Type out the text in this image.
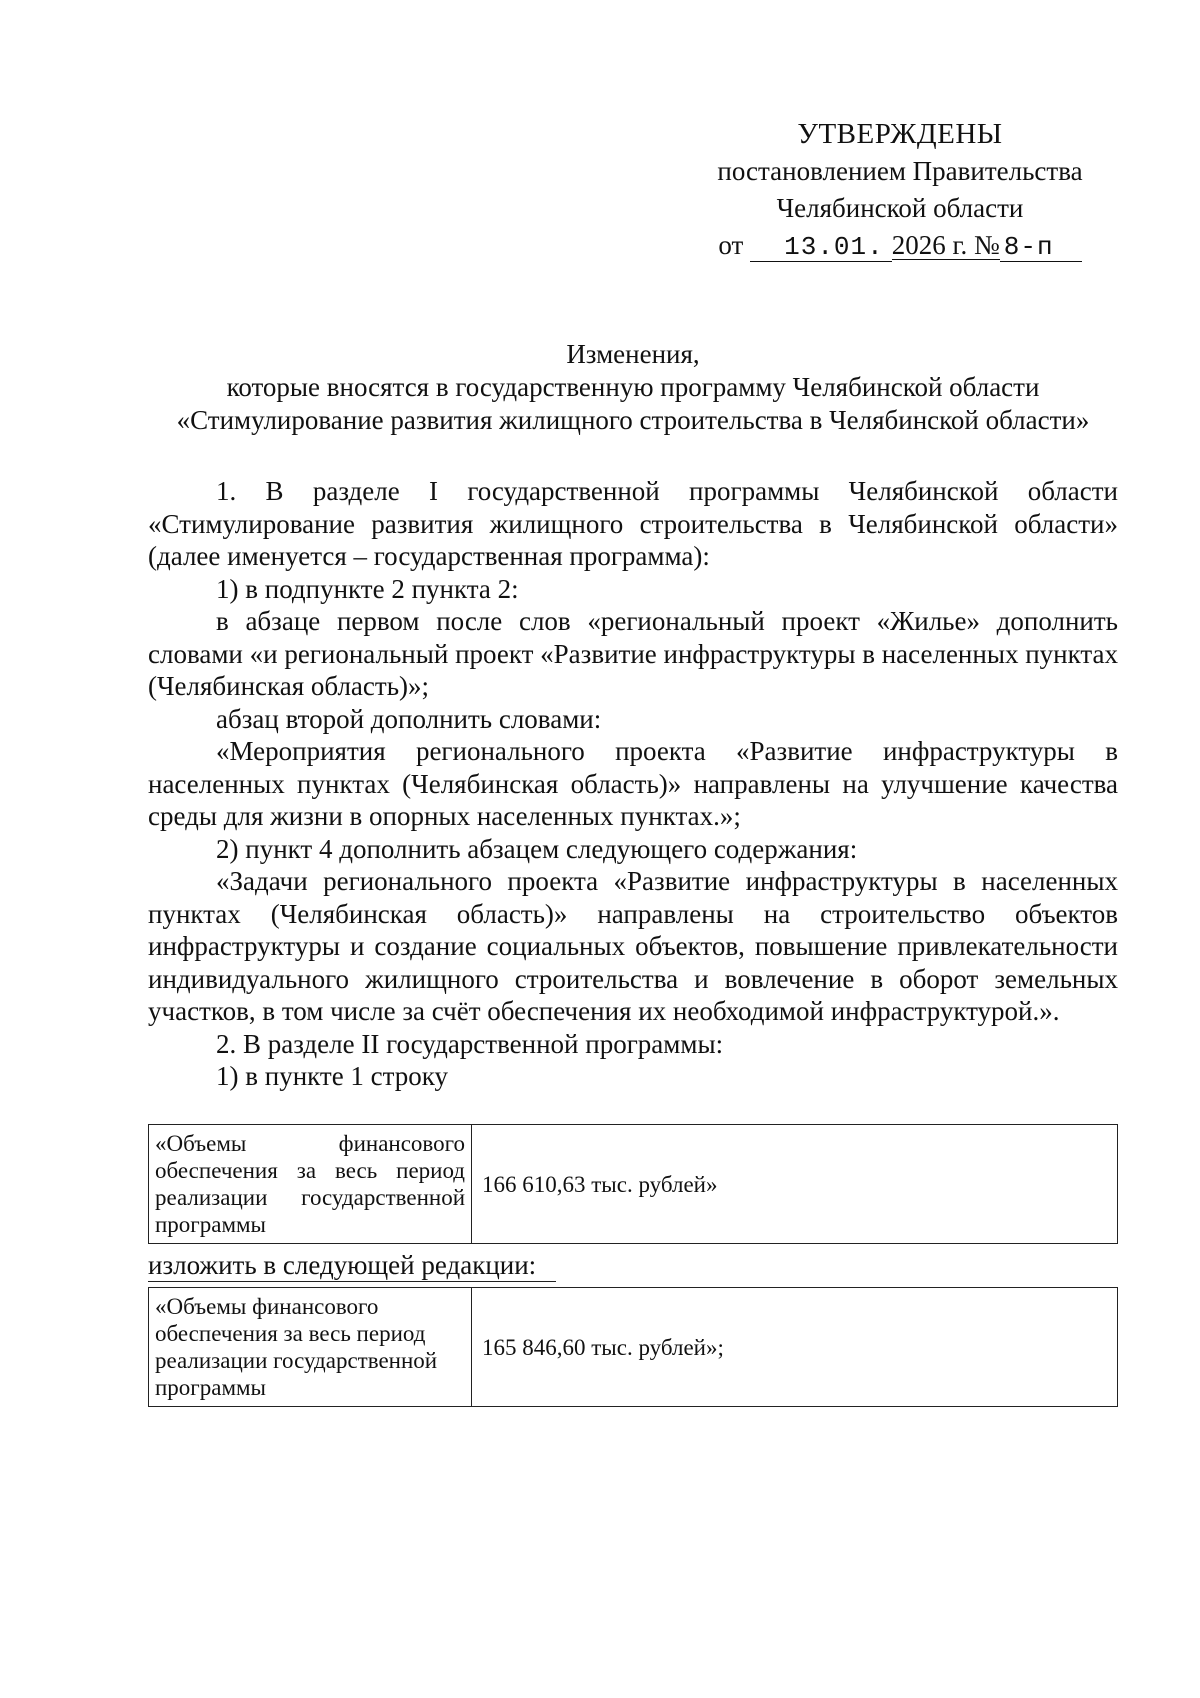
УТВЕРЖДЕНЫ
постановлением Правительства
Челябинской области
от 13.01. 2026 г. № 8-п
Изменения,
которые вносятся в государственную программу Челябинской области
«Стимулирование развития жилищного строительства в Челябинской области»

1. В разделе I государственной программы Челябинской области «Стимулирование развития жилищного строительства в Челябинской области» (далее именуется – государственная программа):

1) в подпункте 2 пункта 2:

в абзаце первом после слов «региональный проект «Жилье» дополнить словами «и региональный проект «Развитие инфраструктуры в населенных пунктах (Челябинская область)»;

абзац второй дополнить словами:

«Мероприятия регионального проекта «Развитие инфраструктуры в населенных пунктах (Челябинская область)» направлены на улучшение качества среды для жизни в опорных населенных пунктах.»;

2) пункт 4 дополнить абзацем следующего содержания:

«Задачи регионального проекта «Развитие инфраструктуры в населенных пунктах (Челябинская область)» направлены на строительство объектов инфраструктуры и создание социальных объектов, повышение привлекательности индивидуального жилищного строительства и вовлечение в оборот земельных участков, в том числе за счёт обеспечения их необходимой инфраструктурой.».

2. В разделе II государственной программы:

1) в пункте 1 строку

«Объемы финансового обеспечения за весь период реализации государственной программы	166 610,63 тыс. рублей»
изложить в следующей редакции:
«Объемы финансового обеспечения за весь период реализации государственной программы	165 846,60 тыс. рублей»;
